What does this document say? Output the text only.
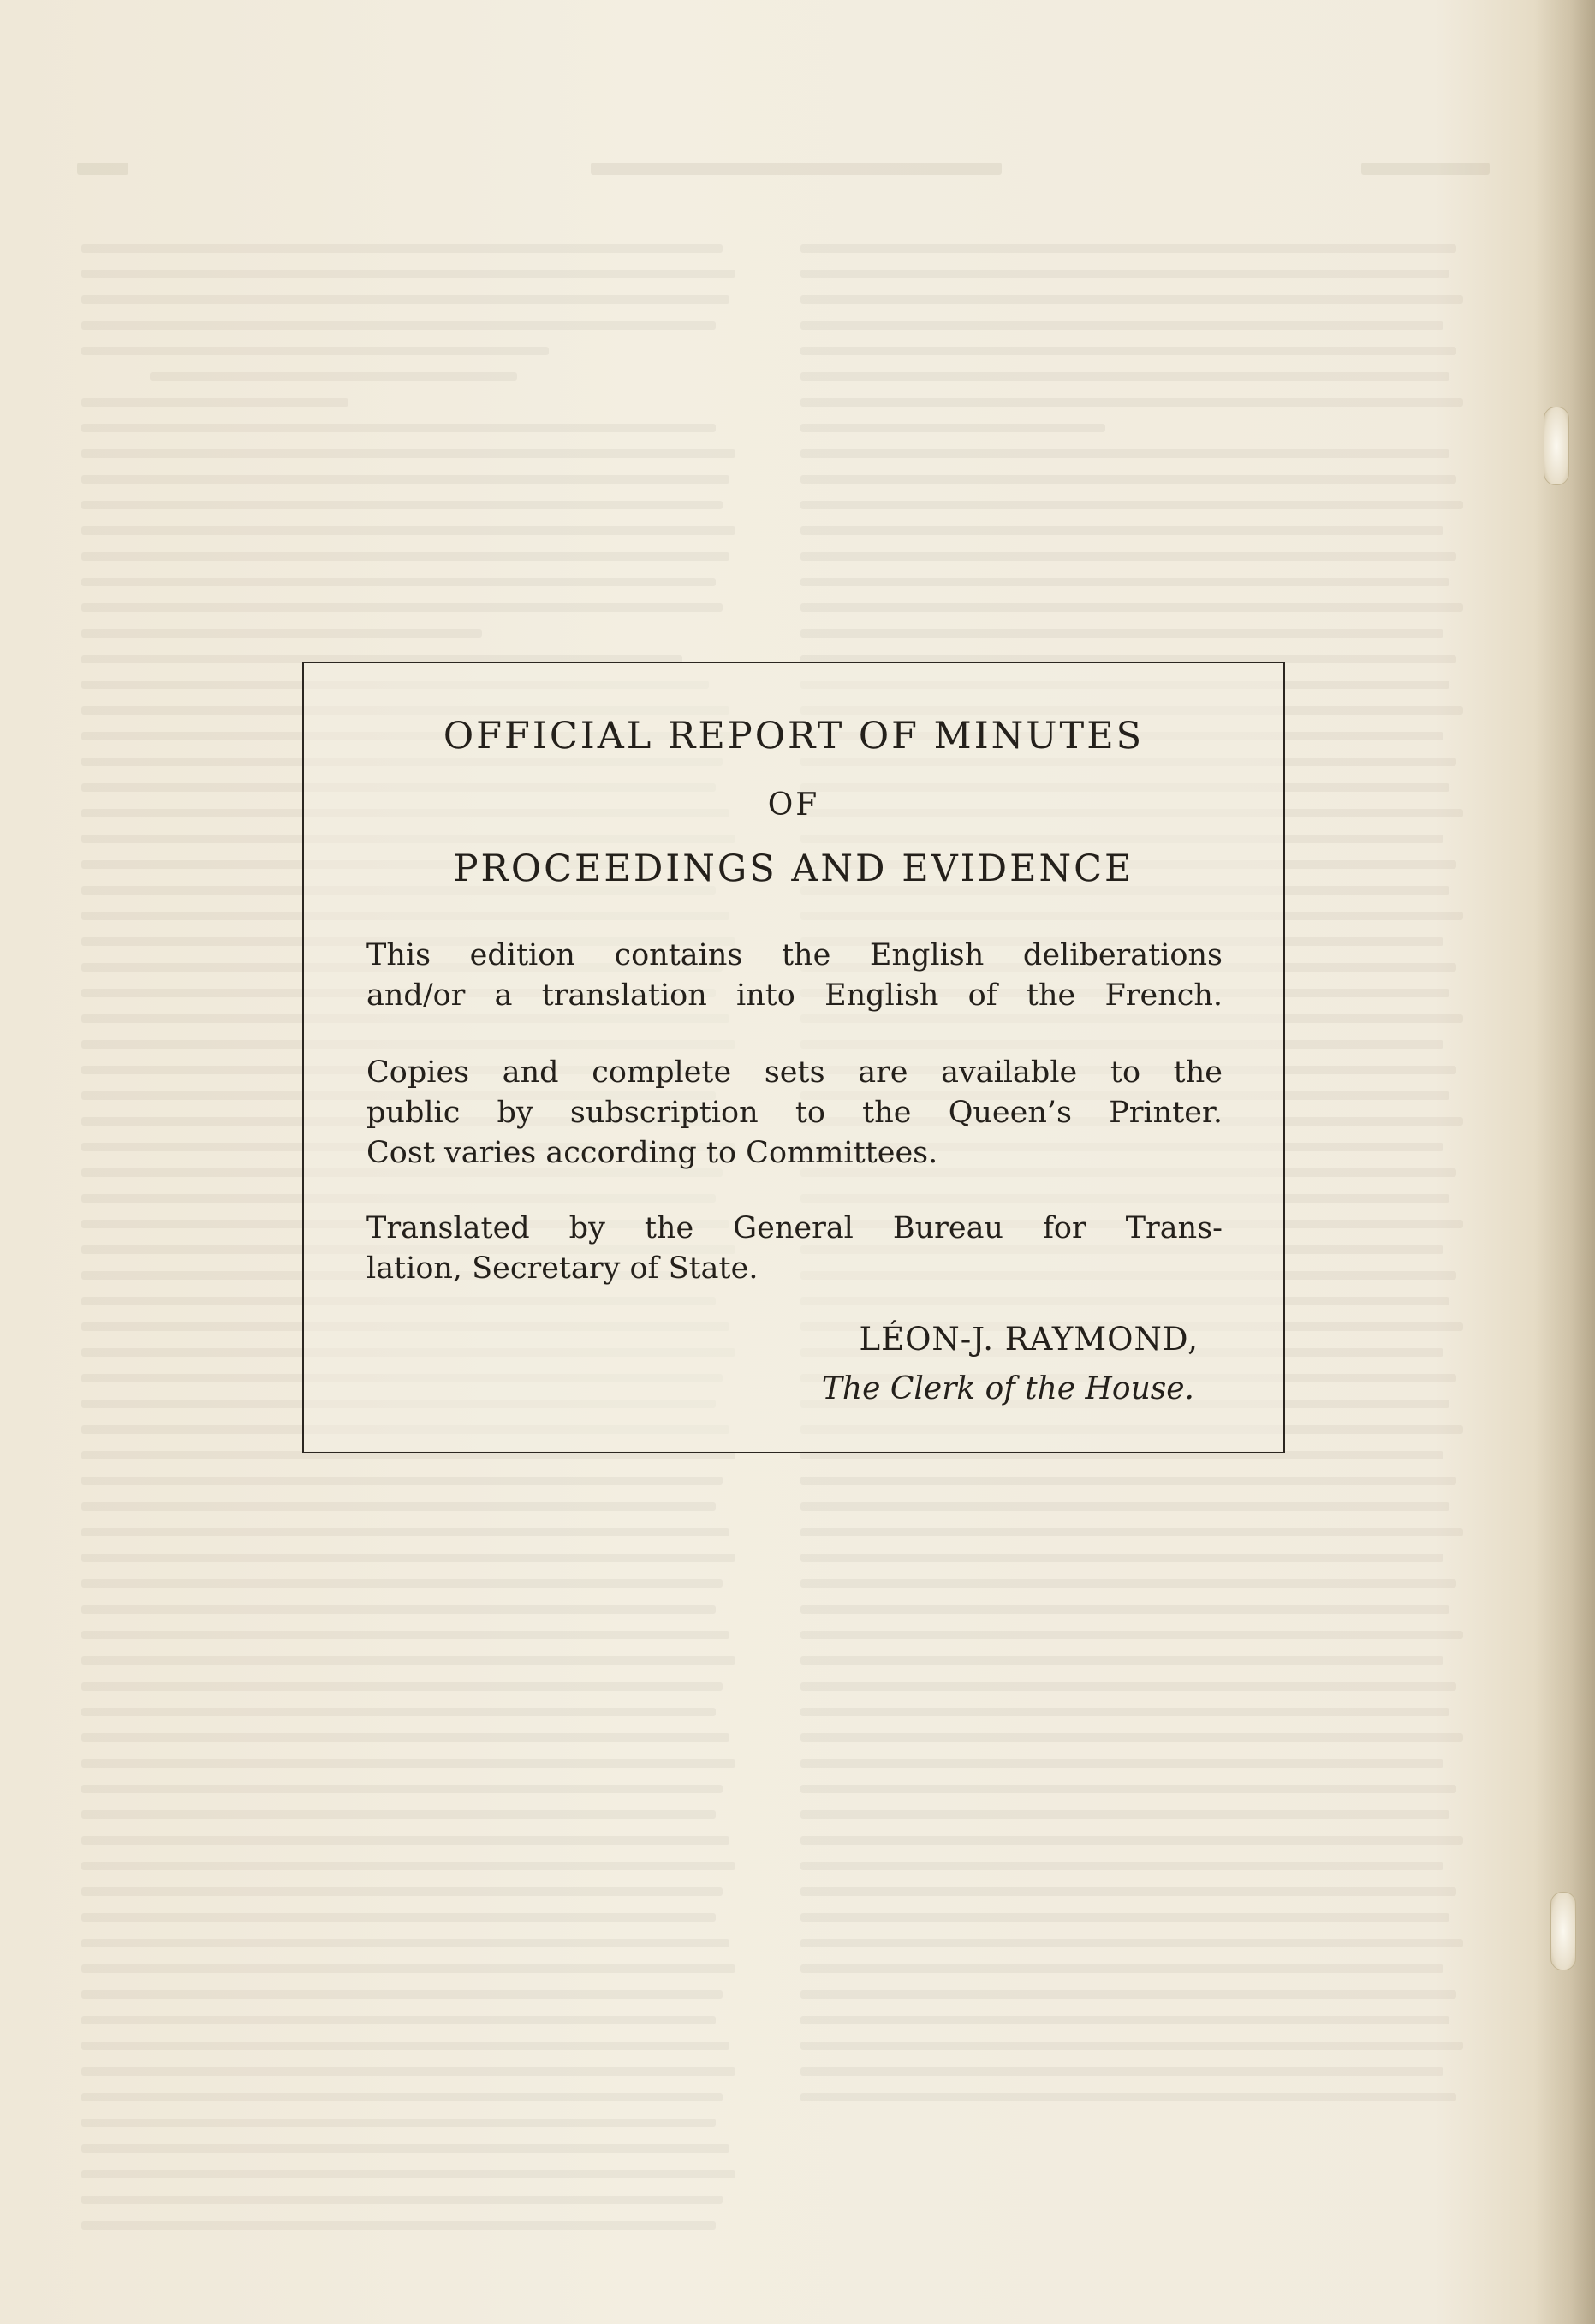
OFFICIAL REPORT OF MINUTES
OF
PROCEEDINGS AND EVIDENCE
This edition contains the English deliberations
and/or a translation into English of the French.
Copies and complete sets are available to the
public by subscription to the Queen’s Printer.
Cost varies according to Committees.
Translated by the General Bureau for Trans-
lation, Secretary of State.
LÉON-J. RAYMOND,
The Clerk of the House.
